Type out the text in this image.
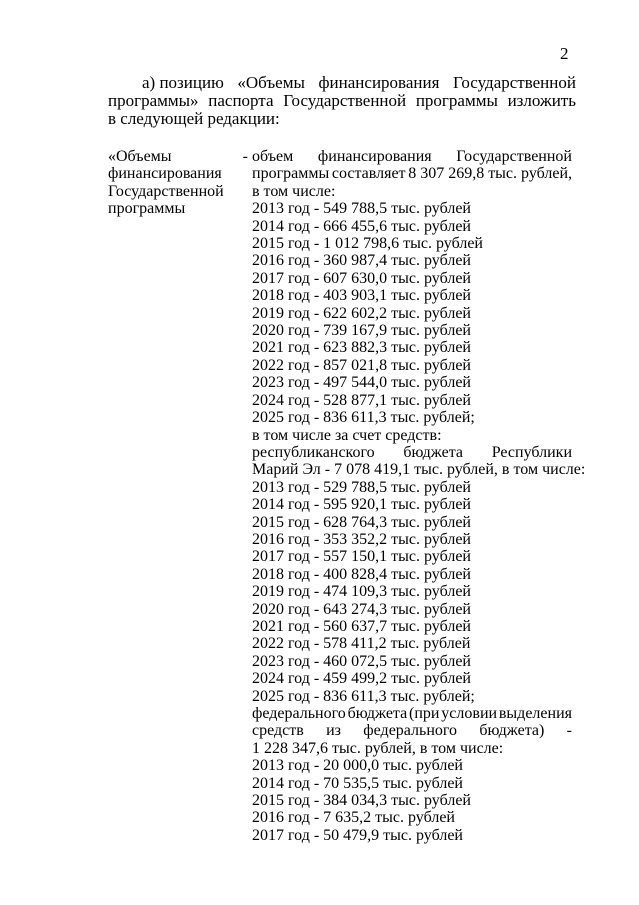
2
а) позицию «Объемы финансирования Государственной
программы» паспорта Государственной программы изложить
в следующей редакции:
«Объемы	-
финансирования
Государственной
программы
объем финансирования Государственной
программы составляет 8 307 269,8 тыс. рублей,
в том числе:
2013 год - 549 788,5 тыс. рублей
2014 год - 666 455,6 тыс. рублей
2015 год - 1 012 798,6 тыс. рублей
2016 год - 360 987,4 тыс. рублей
2017 год - 607 630,0 тыс. рублей
2018 год - 403 903,1 тыс. рублей
2019 год - 622 602,2 тыс. рублей
2020 год - 739 167,9 тыс. рублей
2021 год - 623 882,3 тыс. рублей
2022 год - 857 021,8 тыс. рублей
2023 год - 497 544,0 тыс. рублей
2024 год - 528 877,1 тыс. рублей
2025 год - 836 611,3 тыс. рублей;
в том числе за счет средств:
республиканского бюджета Республики
Марий Эл - 7 078 419,1 тыс. рублей, в том числе:
2013 год - 529 788,5 тыс. рублей
2014 год - 595 920,1 тыс. рублей
2015 год - 628 764,3 тыс. рублей
2016 год - 353 352,2 тыс. рублей
2017 год - 557 150,1 тыс. рублей
2018 год - 400 828,4 тыс. рублей
2019 год - 474 109,3 тыс. рублей
2020 год - 643 274,3 тыс. рублей
2021 год - 560 637,7 тыс. рублей
2022 год - 578 411,2 тыс. рублей
2023 год - 460 072,5 тыс. рублей
2024 год - 459 499,2 тыс. рублей
2025 год - 836 611,3 тыс. рублей;
федерального бюджета (при условии выделения
средств из федерального бюджета) -
1 228 347,6 тыс. рублей, в том числе:
2013 год - 20 000,0 тыс. рублей
2014 год - 70 535,5 тыс. рублей
2015 год - 384 034,3 тыс. рублей
2016 год - 7 635,2 тыс. рублей
2017 год - 50 479,9 тыс. рублей
